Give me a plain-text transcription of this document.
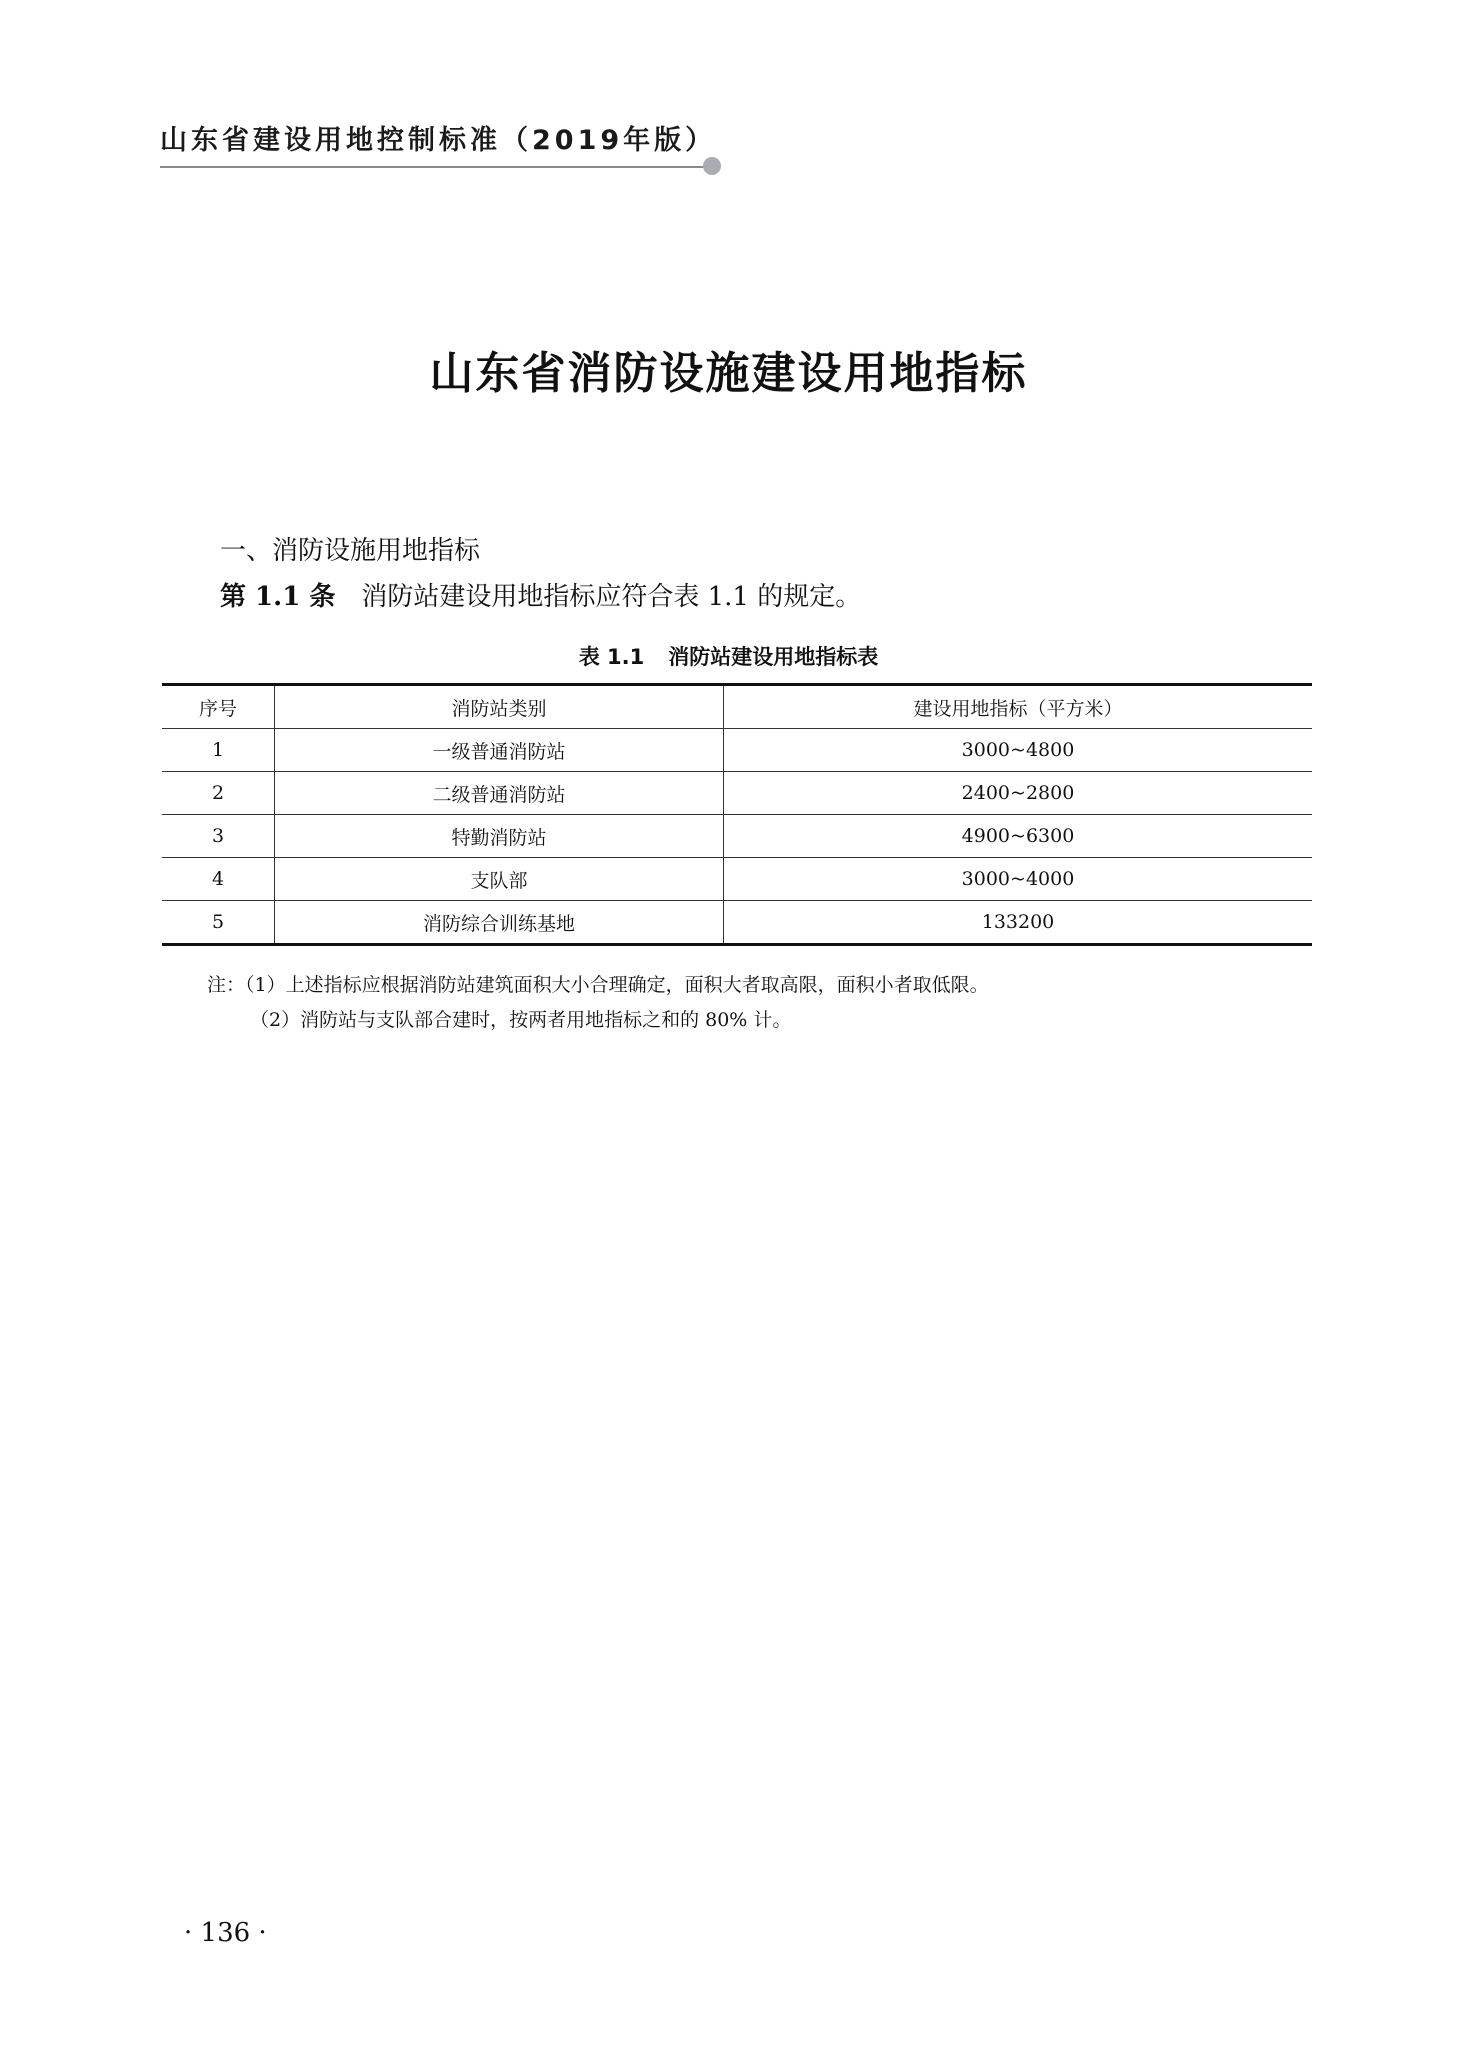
山东省建设用地控制标准（2019年版）
山东省消防设施建设用地指标
一、消防设施用地指标
第 1.1 条 消防站建设用地指标应符合表 1.1 的规定。
表 1.1 消防站建设用地指标表
序号	消防站类别	建设用地指标（平方米）
1	一级普通消防站	3000~4800
2	二级普通消防站	2400~2800
3	特勤消防站	4900~6300
4	支队部	3000~4000
5	消防综合训练基地	133200
注：（1）上述指标应根据消防站建筑面积大小合理确定，面积大者取高限，面积小者取低限。
（2）消防站与支队部合建时，按两者用地指标之和的 80% 计。
· 136 ·
